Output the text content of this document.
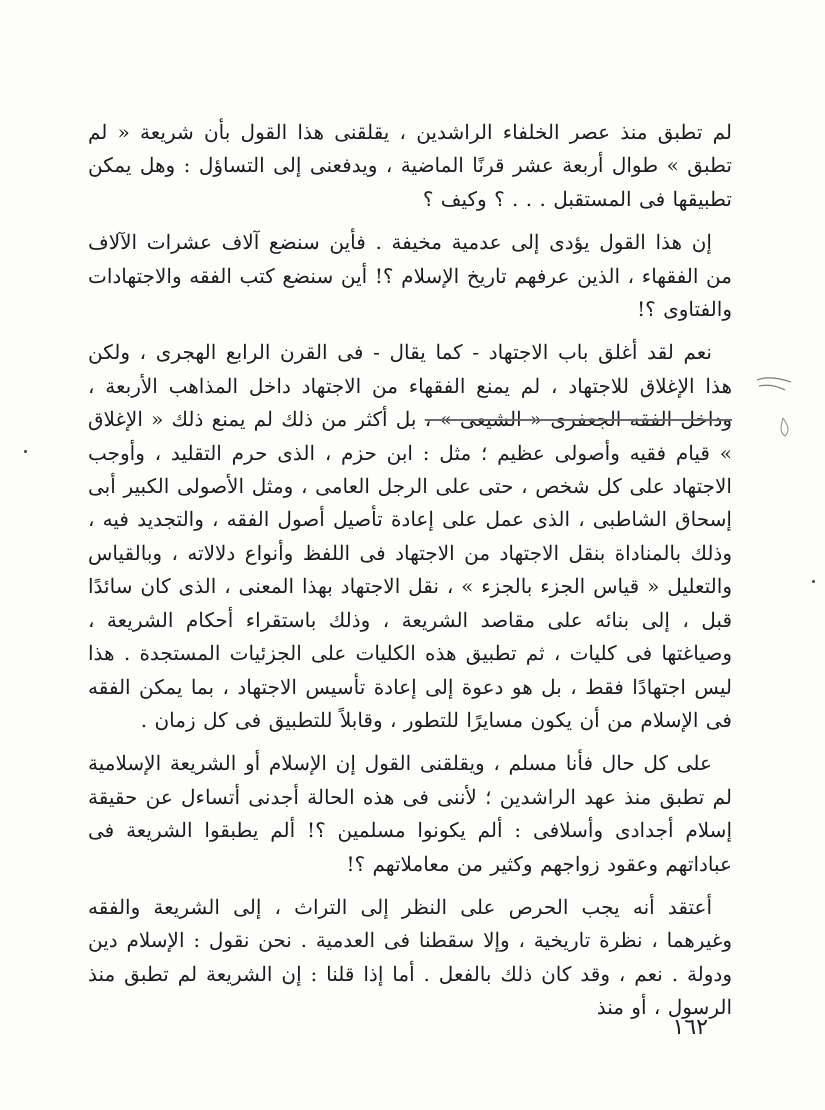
لم تطبق منذ عصر الخلفاء الراشدين ، يقلقنى هذا القول بأن شريعة « لم تطبق » طوال أربعة عشر قرنًا الماضية ، ويدفعنى إلى التساؤل : وهل يمكن تطبيقها فى المستقبل . . . ؟ وكيف ؟

إن هذا القول يؤدى إلى عدمية مخيفة . فأين سنضع آلاف عشرات الآلاف من الفقهاء ، الذين عرفهم تاريخ الإسلام ؟! أين سنضع كتب الفقه والاجتهادات والفتاوى ؟!

نعم لقد أغلق باب الاجتهاد - كما يقال - فى القرن الرابع الهجرى ، ولكن هذا الإغلاق للاجتهاد ، لم يمنع الفقهاء من الاجتهاد داخل المذاهب الأربعة ، وداخل الفقه الجعفرى « الشيعى » ، بل أكثر من ذلك لم يمنع ذلك « الإغلاق » قيام فقيه وأصولى عظيم ؛ مثل : ابن حزم ، الذى حرم التقليد ، وأوجب الاجتهاد على كل شخص ، حتى على الرجل العامى ، ومثل الأصولى الكبير أبى إسحاق الشاطبى ، الذى عمل على إعادة تأصيل أصول الفقه ، والتجديد فيه ، وذلك بالمناداة بنقل الاجتهاد من الاجتهاد فى اللفظ وأنواع دلالاته ، وبالقياس والتعليل « قياس الجزء بالجزء » ، نقل الاجتهاد بهذا المعنى ، الذى كان سائدًا قبل ، إلى بنائه على مقاصد الشريعة ، وذلك باستقراء أحكام الشريعة ، وصياغتها فى كليات ، ثم تطبيق هذه الكليات على الجزئيات المستجدة . هذا ليس اجتهادًا فقط ، بل هو دعوة إلى إعادة تأسيس الاجتهاد ، بما يمكن الفقه فى الإسلام من أن يكون مسايرًا للتطور ، وقابلاً للتطبيق فى كل زمان .

على كل حال فأنا مسلم ، ويقلقنى القول إن الإسلام أو الشريعة الإسلامية لم تطبق منذ عهد الراشدين ؛ لأننى فى هذه الحالة أجدنى أتساءل عن حقيقة إسلام أجدادى وأسلافى : ألم يكونوا مسلمين ؟! ألم يطبقوا الشريعة فى عباداتهم وعقود زواجهم وكثير من معاملاتهم ؟!

أعتقد أنه يجب الحرص على النظر إلى التراث ، إلى الشريعة والفقه وغيرهما ، نظرة تاريخية ، وإلا سقطنا فى العدمية . نحن نقول : الإسلام دين ودولة . نعم ، وقد كان ذلك بالفعل . أما إذا قلنا : إن الشريعة لم تطبق منذ الرسول ، أو منذ

١٦٢
